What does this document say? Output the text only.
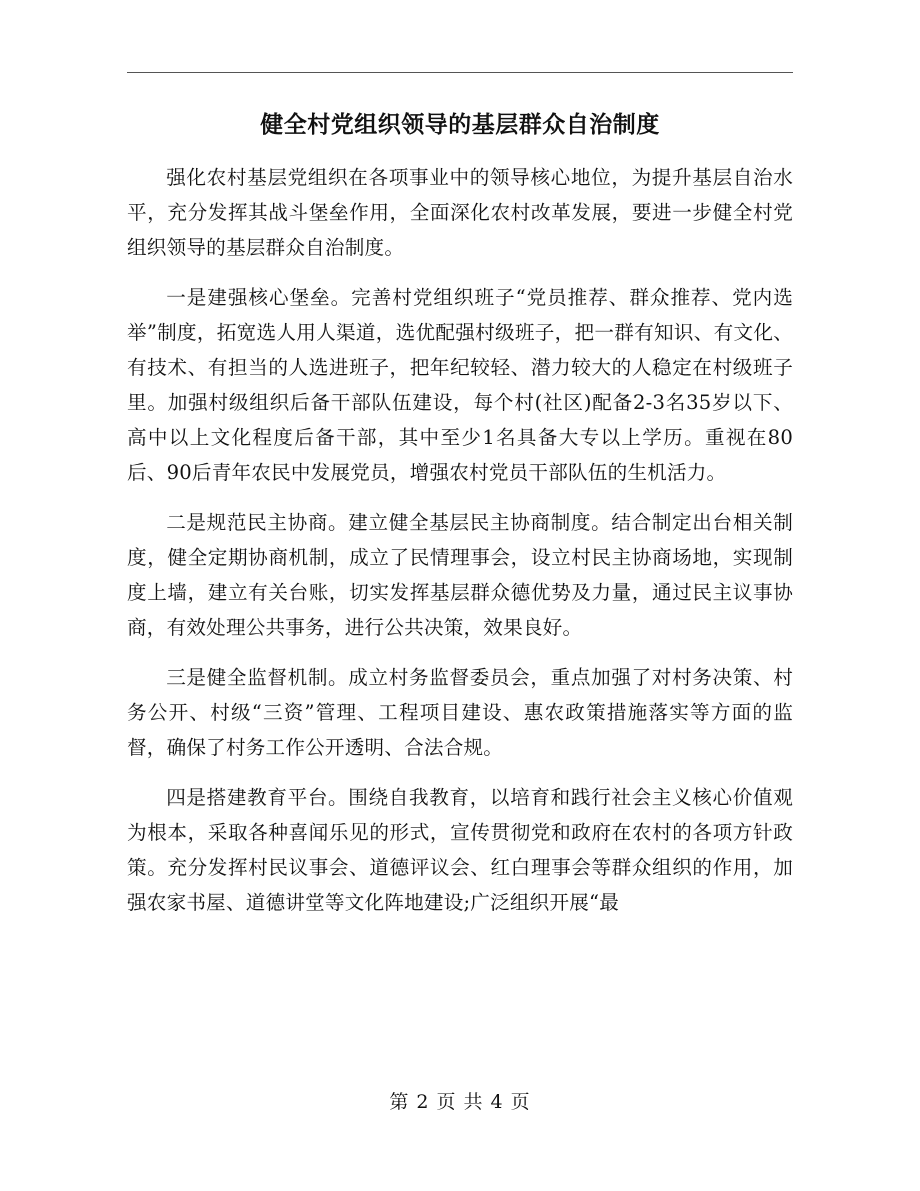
健全村党组织领导的基层群众自治制度

强化农村基层党组织在各项事业中的领导核心地位，为提升基层自治水平，充分发挥其战斗堡垒作用，全面深化农村改革发展，要进一步健全村党组织领导的基层群众自治制度。

一是建强核心堡垒。完善村党组织班子“党员推荐、群众推荐、党内选举”制度，拓宽选人用人渠道，选优配强村级班子，把一群有知识、有文化、有技术、有担当的人选进班子，把年纪较轻、潜力较大的人稳定在村级班子里。加强村级组织后备干部队伍建设，每个村(社区)配备2-3名35岁以下、高中以上文化程度后备干部，其中至少1名具备大专以上学历。重视在80后、90后青年农民中发展党员，增强农村党员干部队伍的生机活力。

二是规范民主协商。建立健全基层民主协商制度。结合制定出台相关制度，健全定期协商机制，成立了民情理事会，设立村民主协商场地，实现制度上墙，建立有关台账，切实发挥基层群众德优势及力量，通过民主议事协商，有效处理公共事务，进行公共决策，效果良好。

三是健全监督机制。成立村务监督委员会，重点加强了对村务决策、村务公开、村级“三资”管理、工程项目建设、惠农政策措施落实等方面的监督，确保了村务工作公开透明、合法合规。

四是搭建教育平台。围绕自我教育，以培育和践行社会主义核心价值观为根本，采取各种喜闻乐见的形式，宣传贯彻党和政府在农村的各项方针政策。充分发挥村民议事会、道德评议会、红白理事会等群众组织的作用，加强农家书屋、道德讲堂等文化阵地建设;广泛组织开展“最

第 2 页 共 4 页
